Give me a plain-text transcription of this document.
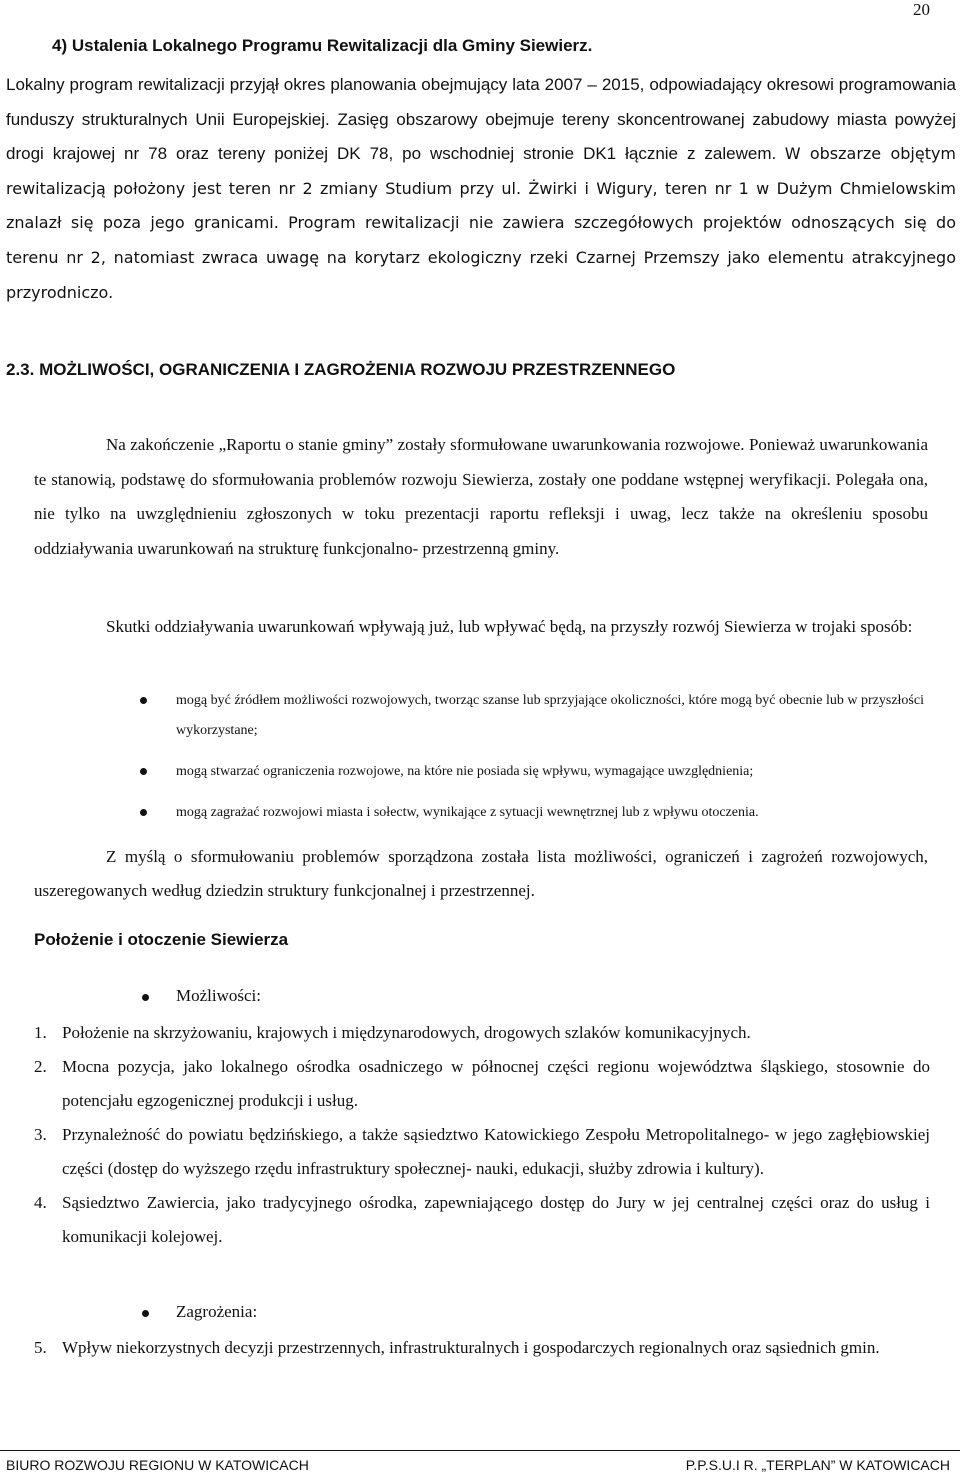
20
4) Ustalenia Lokalnego Programu Rewitalizacji dla Gminy Siewierz.
Lokalny program rewitalizacji przyjął okres planowania obejmujący lata 2007 – 2015, odpowiadający okresowi programowania funduszy strukturalnych Unii Europejskiej. Zasięg obszarowy obejmuje tereny skoncentrowanej zabudowy miasta powyżej drogi krajowej nr 78 oraz tereny poniżej DK 78, po wschodniej stronie DK1 łącznie z zalewem. W obszarze objętym rewitalizacją położony jest teren nr 2 zmiany Studium przy ul. Żwirki i Wigury, teren nr 1 w Dużym Chmielowskim znalazł się poza jego granicami. Program rewitalizacji nie zawiera szczegółowych projektów odnoszących się do terenu nr 2, natomiast zwraca uwagę na korytarz ekologiczny rzeki Czarnej Przemszy jako elementu atrakcyjnego przyrodniczo.
2.3. MOŻLIWOŚCI, OGRANICZENIA I ZAGROŻENIA ROZWOJU PRZESTRZENNEGO
Na zakończenie „Raportu o stanie gminy” zostały sformułowane uwarunkowania rozwojowe. Ponieważ uwarunkowania te stanowią, podstawę do sformułowania problemów rozwoju Siewierza, zostały one poddane wstępnej weryfikacji. Polegała ona, nie tylko na uwzględnieniu zgłoszonych w toku prezentacji raportu refleksji i uwag, lecz także na określeniu sposobu oddziaływania uwarunkowań na strukturę funkcjonalno- przestrzenną gminy.
Skutki oddziaływania uwarunkowań wpływają już, lub wpływać będą, na przyszły rozwój Siewierza w trojaki sposób:
mogą być źródłem możliwości rozwojowych, tworząc szanse lub sprzyjające okoliczności, które mogą być obecnie lub w przyszłości wykorzystane;
mogą stwarzać ograniczenia rozwojowe, na które nie posiada się wpływu, wymagające uwzględnienia;
mogą zagrażać rozwojowi miasta i sołectw, wynikające z sytuacji wewnętrznej lub z wpływu otoczenia.
Z myślą o sformułowaniu problemów sporządzona została lista możliwości, ograniczeń i zagrożeń rozwojowych, uszeregowanych według dziedzin struktury funkcjonalnej i przestrzennej.
Położenie i otoczenie Siewierza
Możliwości:
1. Położenie na skrzyżowaniu, krajowych i międzynarodowych, drogowych szlaków komunikacyjnych.
2. Mocna pozycja, jako lokalnego ośrodka osadniczego w północnej części regionu województwa śląskiego, stosownie do potencjału egzogenicznej produkcji i usług.
3. Przynależność do powiatu będzińskiego, a także sąsiedztwo Katowickiego Zespołu Metropolitalnego- w jego zagłębiowskiej części (dostęp do wyższego rzędu infrastruktury społecznej- nauki, edukacji, służby zdrowia i kultury).
4. Sąsiedztwo Zawiercia, jako tradycyjnego ośrodka, zapewniającego dostęp do Jury w jej centralnej części oraz do usług i komunikacji kolejowej.
Zagrożenia:
5. Wpływ niekorzystnych decyzji przestrzennych, infrastrukturalnych i gospodarczych regionalnych oraz sąsiednich gmin.
BIURO ROZWOJU REGIONU W KATOWICACH	P.P.S.U.I R. „TERPLAN” W KATOWICACH
